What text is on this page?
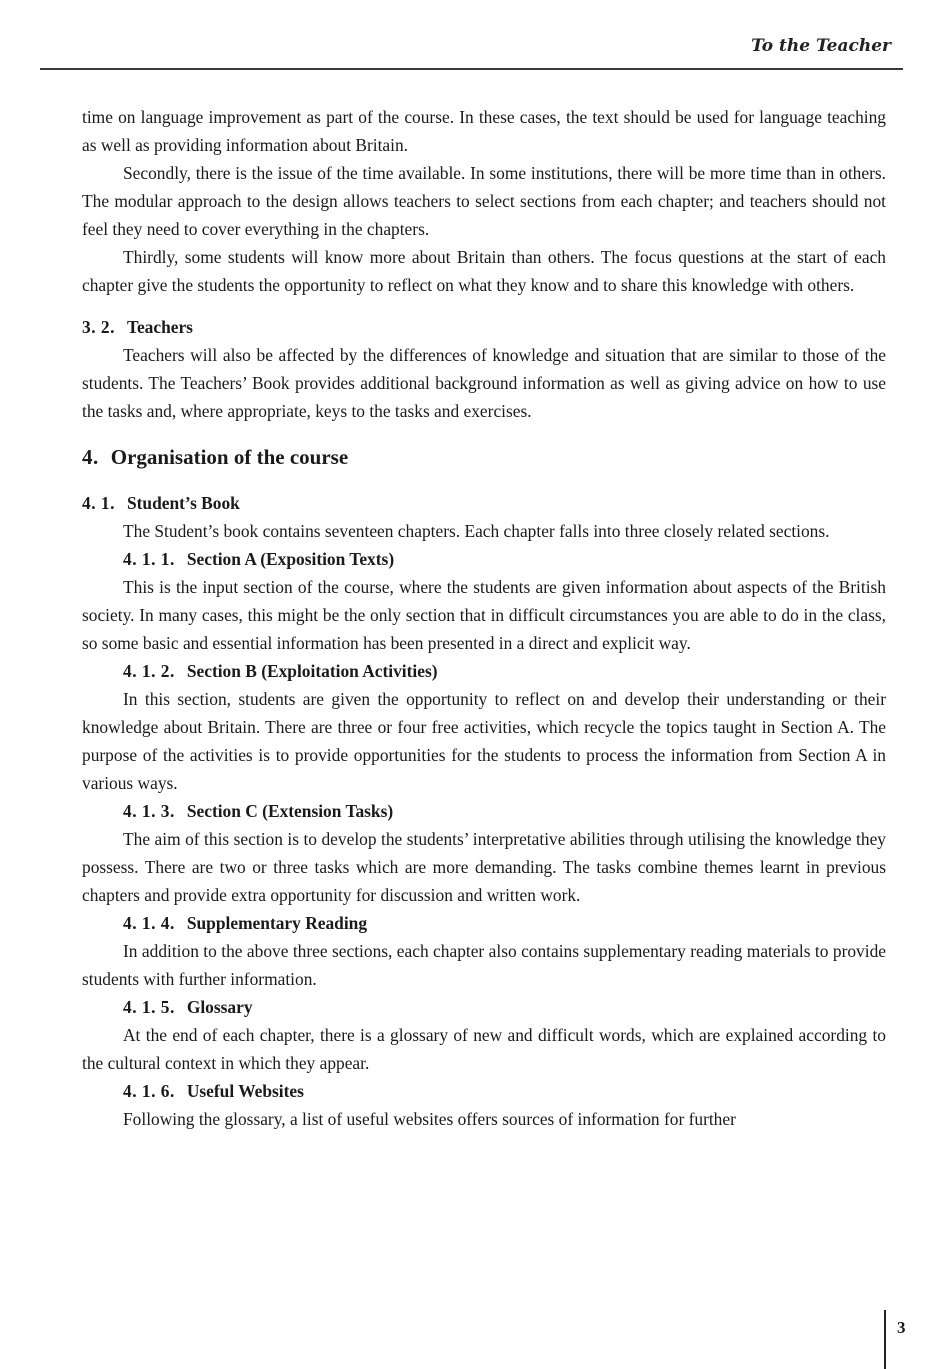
To the Teacher

time on language improvement as part of the course. In these cases, the text should be used for language teaching as well as providing information about Britain.

Secondly, there is the issue of the time available. In some institutions, there will be more time than in others. The modular approach to the design allows teachers to select sections from each chapter; and teachers should not feel they need to cover everything in the chapters.

Thirdly, some students will know more about Britain than others. The focus questions at the start of each chapter give the students the opportunity to reflect on what they know and to share this knowledge with others.

3. 2. Teachers

Teachers will also be affected by the differences of knowledge and situation that are similar to those of the students. The Teachers’ Book provides additional background information as well as giving advice on how to use the tasks and, where appropriate, keys to the tasks and exercises.

4. Organisation of the course
4. 1. Student’s Book

The Student’s book contains seventeen chapters. Each chapter falls into three closely related sections.

4. 1. 1. Section A (Exposition Texts)

This is the input section of the course, where the students are given information about aspects of the British society. In many cases, this might be the only section that in difficult circumstances you are able to do in the class, so some basic and essential information has been presented in a direct and explicit way.

4. 1. 2. Section B (Exploitation Activities)

In this section, students are given the opportunity to reflect on and develop their understanding or their knowledge about Britain. There are three or four free activities, which recycle the topics taught in Section A. The purpose of the activities is to provide opportunities for the students to process the information from Section A in various ways.

4. 1. 3. Section C (Extension Tasks)

The aim of this section is to develop the students’ interpretative abilities through utilising the knowledge they possess. There are two or three tasks which are more demanding. The tasks combine themes learnt in previous chapters and provide extra opportunity for discussion and written work.

4. 1. 4. Supplementary Reading

In addition to the above three sections, each chapter also contains supplementary reading materials to provide students with further information.

4. 1. 5. Glossary

At the end of each chapter, there is a glossary of new and difficult words, which are explained according to the cultural context in which they appear.

4. 1. 6. Useful Websites

Following the glossary, a list of useful websites offers sources of information for further

3
